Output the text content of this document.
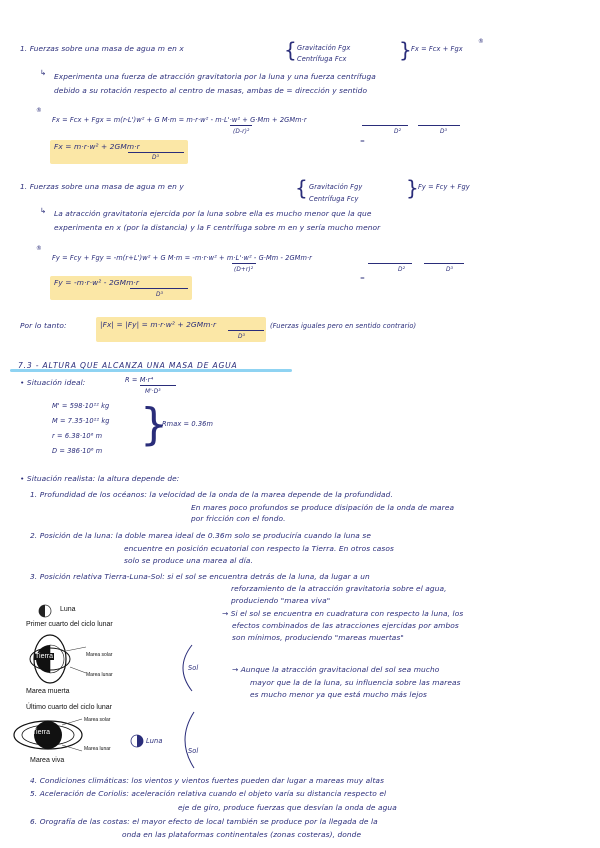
1. Fuerzas sobre una masa de agua m en x	{ Gravitación Fgx
Centrífuga Fcx	} Fx = Fcx + Fgx
®
↳ Experimenta una fuerza de atracción gravitatoria por la luna y una fuerza centrífuga
debido a su rotación respecto al centro de masas, ambas de = dirección y sentido
®
Fx = Fcx + Fgx = m(r-L')w² + G M·m = m·r·w² - m·L'·w² + G·Mm + 2GMm·r
(D-r)²	D²	D³
=
Fx = m·r·w² + 2GMm·r
D³
1. Fuerzas sobre una masa de agua m en y	{ Gravitación Fgy
Centrífuga Fcy } Fy = Fcy + Fgy
↳ La atracción gravitatoria ejercida por la luna sobre ella es mucho menor que la que
experimenta en x (por la distancia) y la F centrífuga sobre m en y sería mucho menor
®
Fy = Fcy + Fgy = -m(r+L')w² + G M·m = -m·r·w² + m·L'·w² - G·Mm - 2GMm·r
(D+r)²	D²	D³
=
Fy = -m·r·w² - 2GMm·r
D³
Por lo tanto:	|Fx| = |Fy| = m·r·w² + 2GMm·r
D³
(Fuerzas iguales pero en sentido contrario)
7.3 - ALTURA QUE ALCANZA UNA MASA DE AGUA
• Situación ideal:	R = M·r⁴
M'·D³
M' = 598·10²² kg
M = 7.35·10²² kg
r = 6.38·10⁶ m
D = 386·10⁶ m
}
Rmax = 0.36m
• Situación realista: la altura depende de:
1. Profundidad de los océanos: la velocidad de la onda de la marea depende de la profundidad.
En mares poco profundos se produce disipación de la onda de marea
por fricción con el fondo.
2. Posición de la luna: la doble marea ideal de 0.36m solo se produciría cuando la luna se
encuentre en posición ecuatorial con respecto la Tierra. En otros casos
solo se produce una marea al día.
3. Posición relativa Tierra-Luna-Sol: si el sol se encuentra detrás de la luna, da lugar a un
reforzamiento de la atracción gravitatoria sobre el agua,
produciendo "marea viva"
→ Si el sol se encuentra en cuadratura con respecto la luna, los
efectos combinados de las atracciones ejercidas por ambos
son mínimos, produciendo "mareas muertas"
→ Aunque la atracción gravitacional del sol sea mucho
mayor que la de la luna, su influencia sobre las mareas
es mucho menor ya que está mucho más lejos
4. Condiciones climáticas: los vientos y vientos fuertes pueden dar lugar a mareas muy altas
5. Aceleración de Coriolis: aceleración relativa cuando el objeto varía su distancia respecto el
eje de giro, produce fuerzas que desvían la onda de agua
6. Orografía de las costas: el mayor efecto de local también se produce por la llegada de la
onda en las plataformas continentales (zonas costeras), donde
Luna
Primer cuarto del ciclo lunar
Tierra	Marea solar
Marea lunar
Marea muerta
Último cuarto del ciclo lunar
Tierra
Marea solar
Marea lunar
Marea viva
Sol
Luna
Sol
